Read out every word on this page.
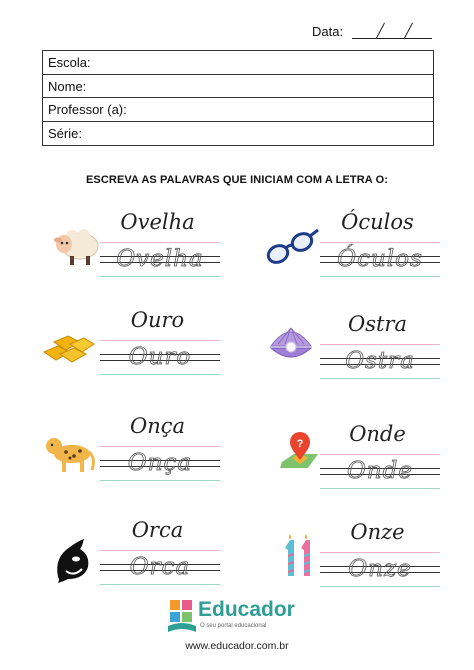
Data:
Escola:
Nome:
Professor (a):
Série:
ESCREVA AS PALAVRAS QUE INICIAM COM A LETRA O:
?
Ovelha
Ovelha
Óculos
Óculos
Ouro
Ouro
Ostra
Ostra
Onça
Onça
Onde
Onde
Orca
Orca
Onze
Onze
Educador
O seu portal educacional
www.educador.com.br
